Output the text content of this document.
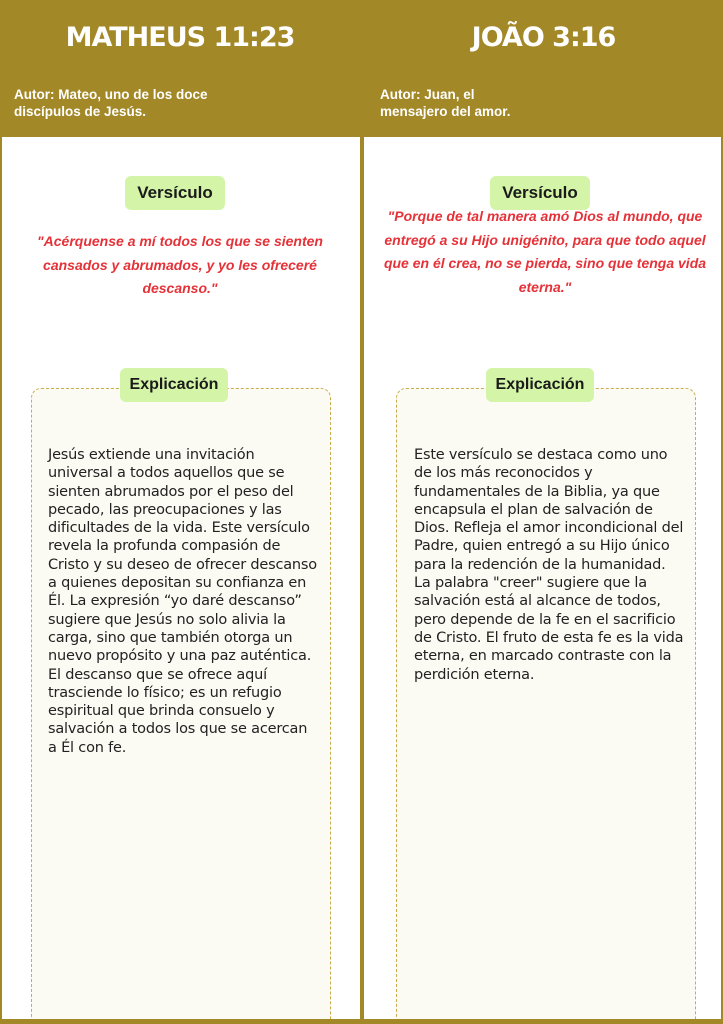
MATHEUS 11:23
Autor: Mateo, uno de los doce
discípulos de Jesús.
Versículo
"Acérquense a mí todos los que se sienten cansados y abrumados, y yo les ofreceré descanso."
Explicación
Jesús extiende una invitación universal a todos aquellos que se sienten abrumados por el peso del pecado, las preocupaciones y las dificultades de la vida. Este versículo revela la profunda compasión de Cristo y su deseo de ofrecer descanso a quienes depositan su confianza en Él. La expresión “yo daré descanso” sugiere que Jesús no solo alivia la carga, sino que también otorga un nuevo propósito y una paz auténtica. El descanso que se ofrece aquí trasciende lo físico; es un refugio espiritual que brinda consuelo y salvación a todos los que se acercan a Él con fe.
JOÃO 3:16
Autor: Juan, el
mensajero del amor.
Versículo
"Porque de tal manera amó Dios al mundo, que entregó a su Hijo unigénito, para que todo aquel que en él crea, no se pierda, sino que tenga vida eterna."
Explicación
Este versículo se destaca como uno de los más reconocidos y fundamentales de la Biblia, ya que encapsula el plan de salvación de Dios. Refleja el amor incondicional del Padre, quien entregó a su Hijo único para la redención de la humanidad. La palabra "creer" sugiere que la salvación está al alcance de todos, pero depende de la fe en el sacrificio de Cristo. El fruto de esta fe es la vida eterna, en marcado contraste con la perdición eterna.
